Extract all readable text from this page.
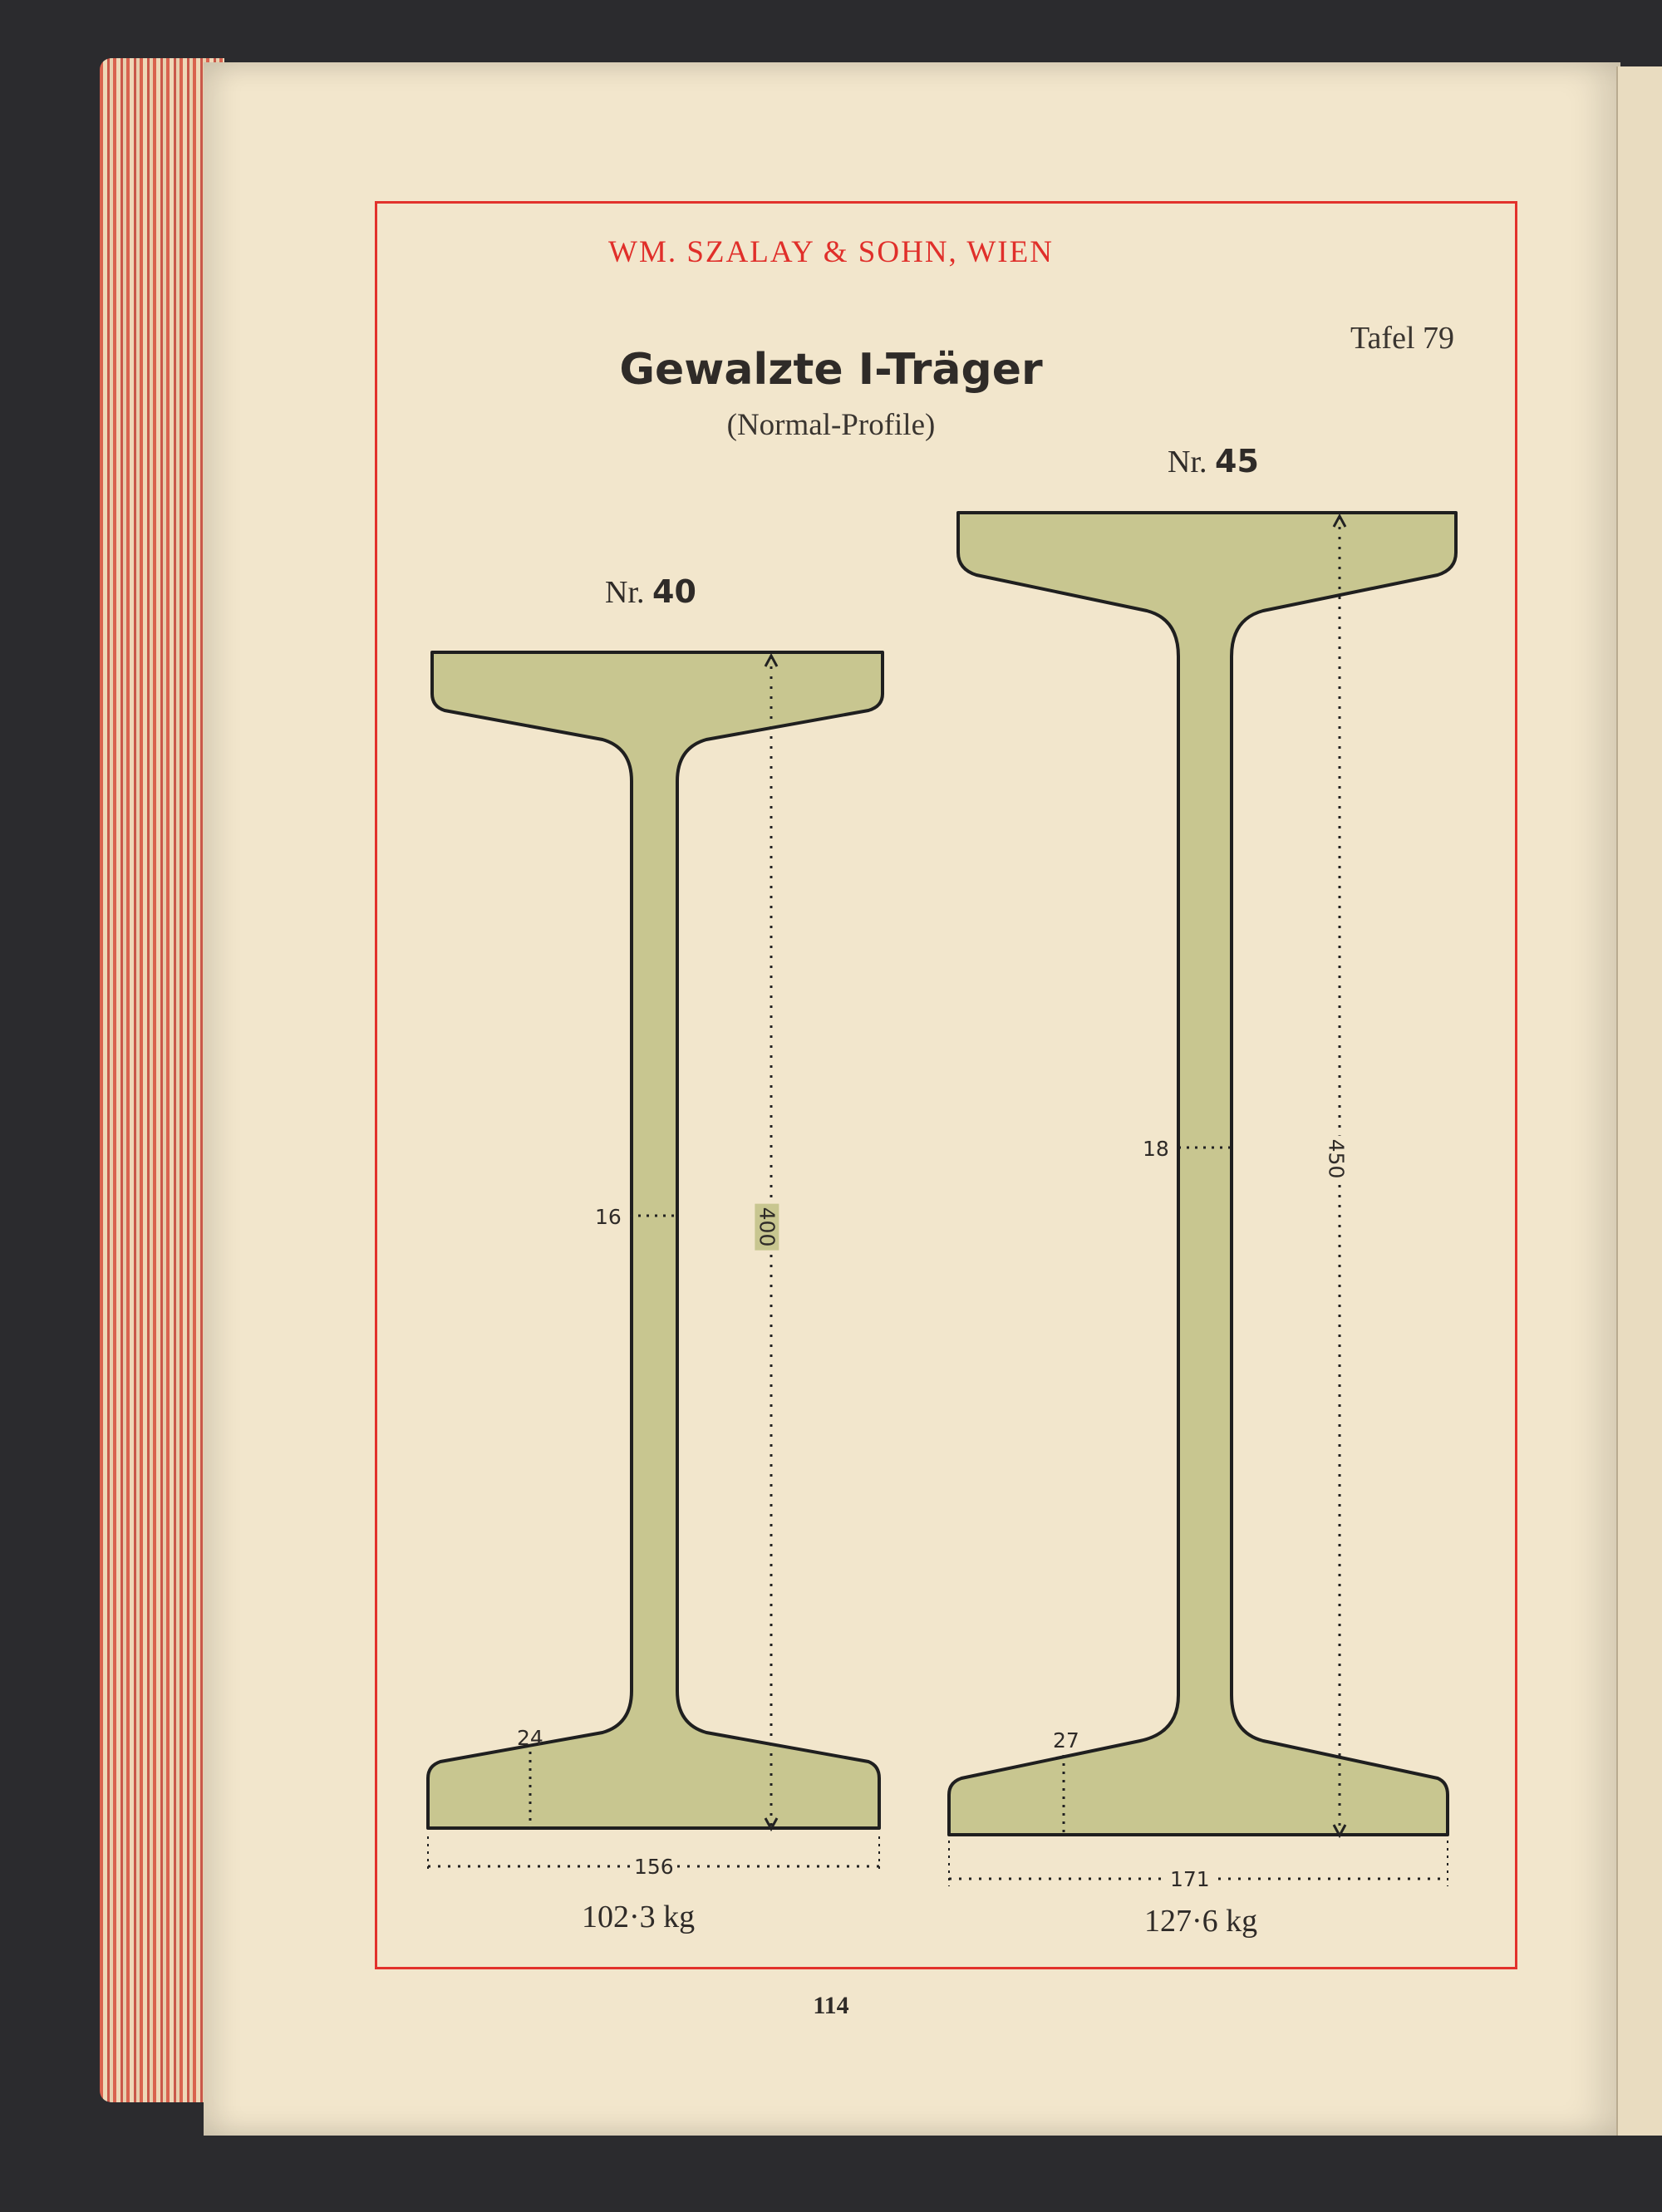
WM. SZALAY & SOHN, WIEN
Tafel 79
Gewalzte I-Träger
(Normal-Profile)
Nr. 40
Nr. 45
400
16
24
156
450
18
27
171
102·3 kg	127·6 kg
114
